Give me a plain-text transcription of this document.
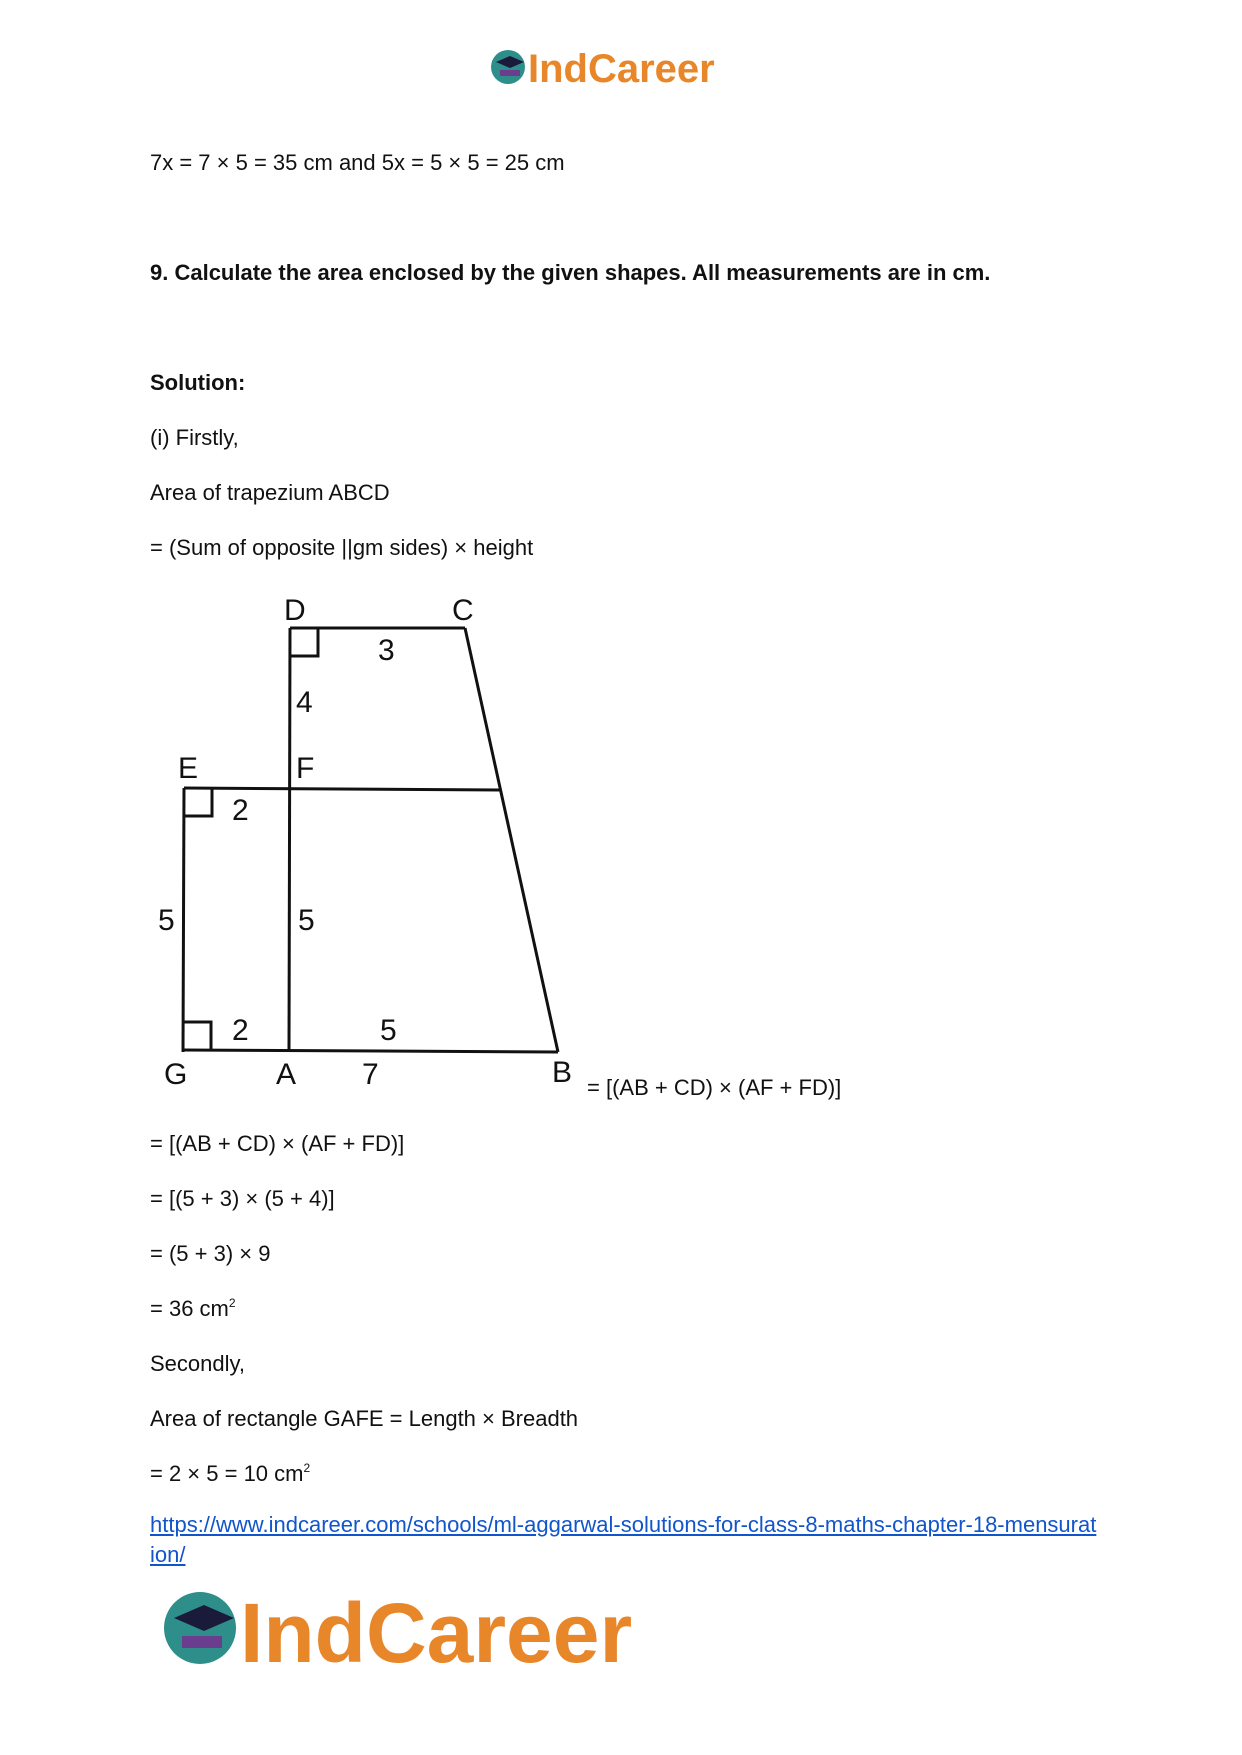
IndCareer
7x = 7 × 5 = 35 cm and 5x = 5 × 5 = 25 cm
9. Calculate the area enclosed by the given shapes. All measurements are in cm.
Solution:
(i) Firstly,
Area of trapezium ABCD
= (Sum of opposite ||gm sides) × height
D	C
E	F
G	A	B
3
4
2
5	5
2	5
7	= [(AB + CD) × (AF + FD)]
= [(AB + CD) × (AF + FD)]
= [(5 + 3) × (5 + 4)]
= (5 + 3) × 9
= 36 $cm^2$
Secondly,
Area of rectangle GAFE = Length × Breadth
= 2 × 5 = 10 $cm^2$
https://www.indcareer.com/schools/ml-aggarwal-solutions-for-class-8-maths-chapter-18-mensuration/
IndCareer
